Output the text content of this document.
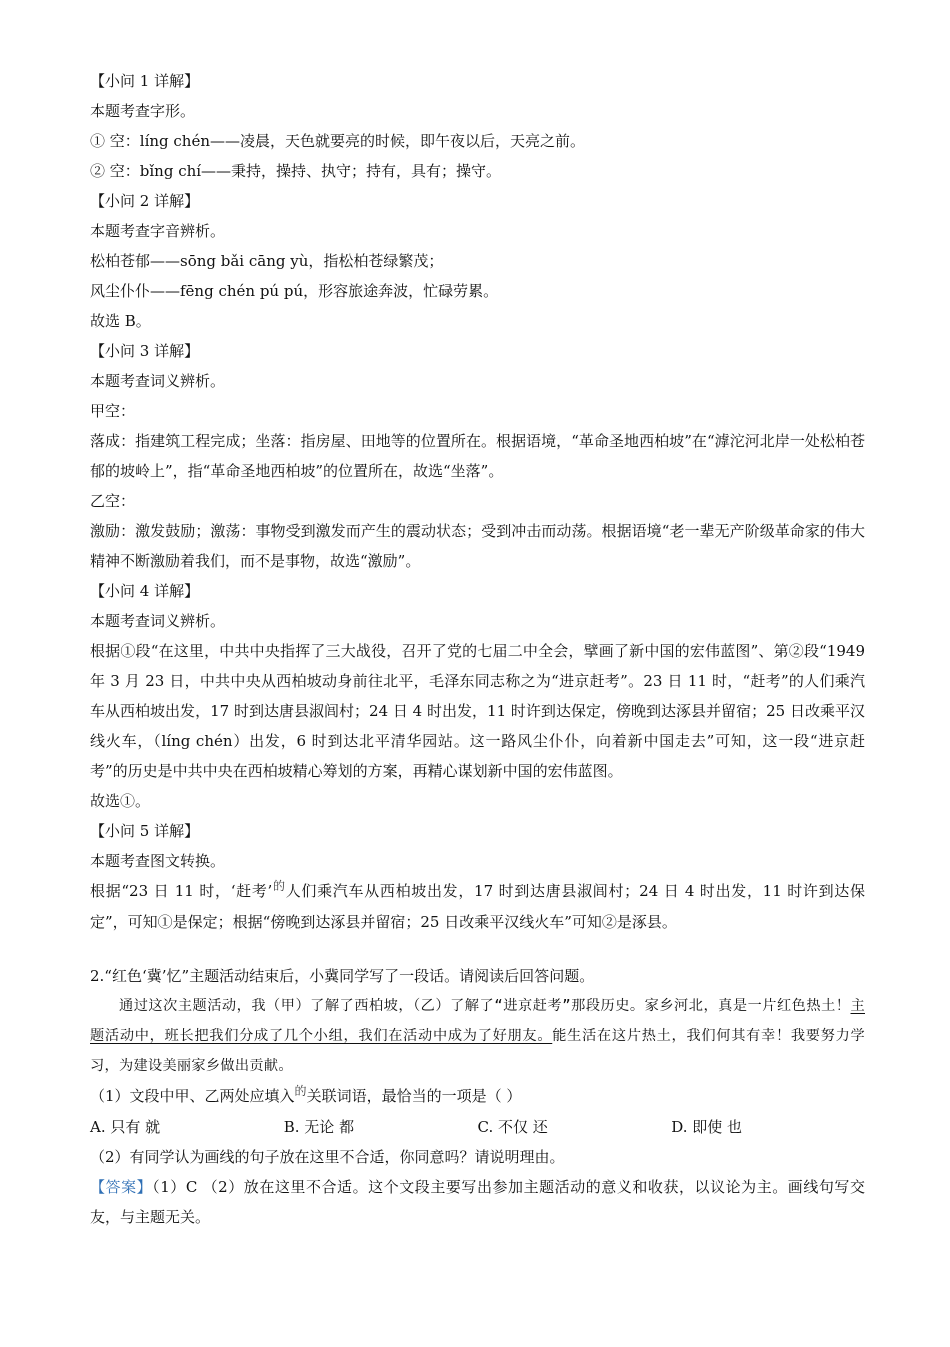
【小问 1 详解】

本题考查字形。

① 空：líng chén——凌晨，天色就要亮的时候，即午夜以后，天亮之前。

② 空：bǐng chí——秉持，操持、执守；持有，具有；操守。

【小问 2 详解】

本题考查字音辨析。

松柏苍郁——sōng bǎi cāng yù，指松柏苍绿繁茂；

风尘仆仆——fēng chén pú pú，形容旅途奔波，忙碌劳累。

故选 B。

【小问 3 详解】

本题考查词义辨析。

甲空：

落成：指建筑工程完成；坐落：指房屋、田地等的位置所在。根据语境，“革命圣地西柏坡”在“滹沱河北岸一处松柏苍郁的坡岭上”，指“革命圣地西柏坡”的位置所在，故选“坐落”。

乙空：

激励：激发鼓励；激荡：事物受到激发而产生的震动状态；受到冲击而动荡。根据语境“老一辈无产阶级革命家的伟大精神不断激励着我们，而不是事物，故选“激励”。

【小问 4 详解】

本题考查词义辨析。

根据①段“在这里，中共中央指挥了三大战役，召开了党的七届二中全会，擘画了新中国的宏伟蓝图”、第②段“1949 年 3 月 23 日，中共中央从西柏坡动身前往北平，毛泽东同志称之为“进京赶考”。23 日 11 时，“赶考”的人们乘汽车从西柏坡出发，17 时到达唐县淑闾村；24 日 4 时出发，11 时许到达保定，傍晚到达涿县并留宿；25 日改乘平汉线火车，（líng chén）出发，6 时到达北平清华园站。这一路风尘仆仆，向着新中国走去”可知，这一段“进京赶考”的历史是中共中央在西柏坡精心筹划的方案，再精心谋划新中国的宏伟蓝图。

故选①。

【小问 5 详解】

本题考查图文转换。

根据“23 日 11 时，‘赶考’$^的$人们乘汽车从西柏坡出发，17 时到达唐县淑闾村；24 日 4 时出发，11 时许到达保定”，可知①是保定；根据“傍晚到达涿县并留宿；25 日改乘平汉线火车”可知②是涿县。

2.“红色‘冀’忆”主题活动结束后，小冀同学写了一段话。请阅读后回答问题。

通过这次主题活动，我（甲）了解了西柏坡，（乙）了解了“进京赶考”那段历史。家乡河北，真是一片红色热土！主题活动中，班长把我们分成了几个小组，我们在活动中成为了好朋友。能生活在这片热土，我们何其有幸！我要努力学习，为建设美丽家乡做出贡献。

（1）文段中甲、乙两处应填入$^的$关联词语，最恰当的一项是（ ）

A. 只有 就	B. 无论 都	C. 不仅 还	D. 即使 也

（2）有同学认为画线的句子放在这里不合适，你同意吗？请说明理由。

【答案】（1）C （2）放在这里不合适。这个文段主要写出参加主题活动的意义和收获，以议论为主。画线句写交友，与主题无关。
